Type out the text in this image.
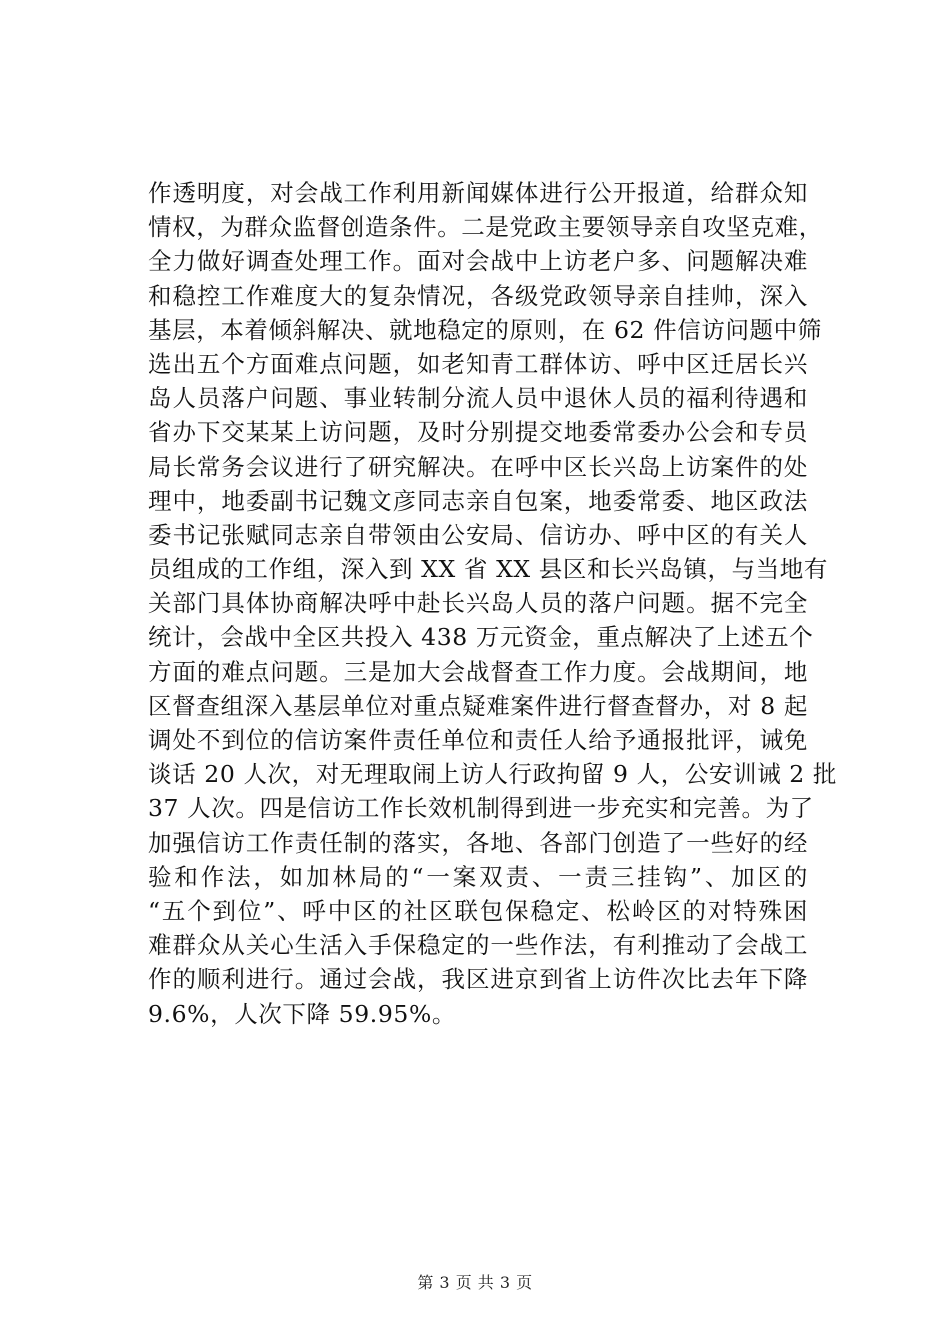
作透明度，对会战工作利用新闻媒体进行公开报道，给群众知
情权，为群众监督创造条件。二是党政主要领导亲自攻坚克难，
全力做好调查处理工作。面对会战中上访老户多、问题解决难
和稳控工作难度大的复杂情况，各级党政领导亲自挂帅，深入
基层，本着倾斜解决、就地稳定的原则，在 62 件信访问题中筛
选出五个方面难点问题，如老知青工群体访、呼中区迁居长兴
岛人员落户问题、事业转制分流人员中退休人员的福利待遇和
省办下交某某上访问题，及时分别提交地委常委办公会和专员
局长常务会议进行了研究解决。在呼中区长兴岛上访案件的处
理中，地委副书记魏文彦同志亲自包案，地委常委、地区政法
委书记张赋同志亲自带领由公安局、信访办、呼中区的有关人
员组成的工作组，深入到 XX 省 XX 县区和长兴岛镇，与当地有
关部门具体协商解决呼中赴长兴岛人员的落户问题。据不完全
统计，会战中全区共投入 438 万元资金，重点解决了上述五个
方面的难点问题。三是加大会战督查工作力度。会战期间，地
区督查组深入基层单位对重点疑难案件进行督查督办，对 8 起
调处不到位的信访案件责任单位和责任人给予通报批评，诫免
谈话 20 人次，对无理取闹上访人行政拘留 9 人，公安训诫 2 批
37 人次。四是信访工作长效机制得到进一步充实和完善。为了
加强信访工作责任制的落实，各地、各部门创造了一些好的经
验和作法，如加林局的“一案双责、一责三挂钩”、加区的
“五个到位”、呼中区的社区联包保稳定、松岭区的对特殊困
难群众从关心生活入手保稳定的一些作法，有利推动了会战工
作的顺利进行。通过会战，我区进京到省上访件次比去年下降
9.6%，人次下降 59.95%。
第 3 页 共 3 页
